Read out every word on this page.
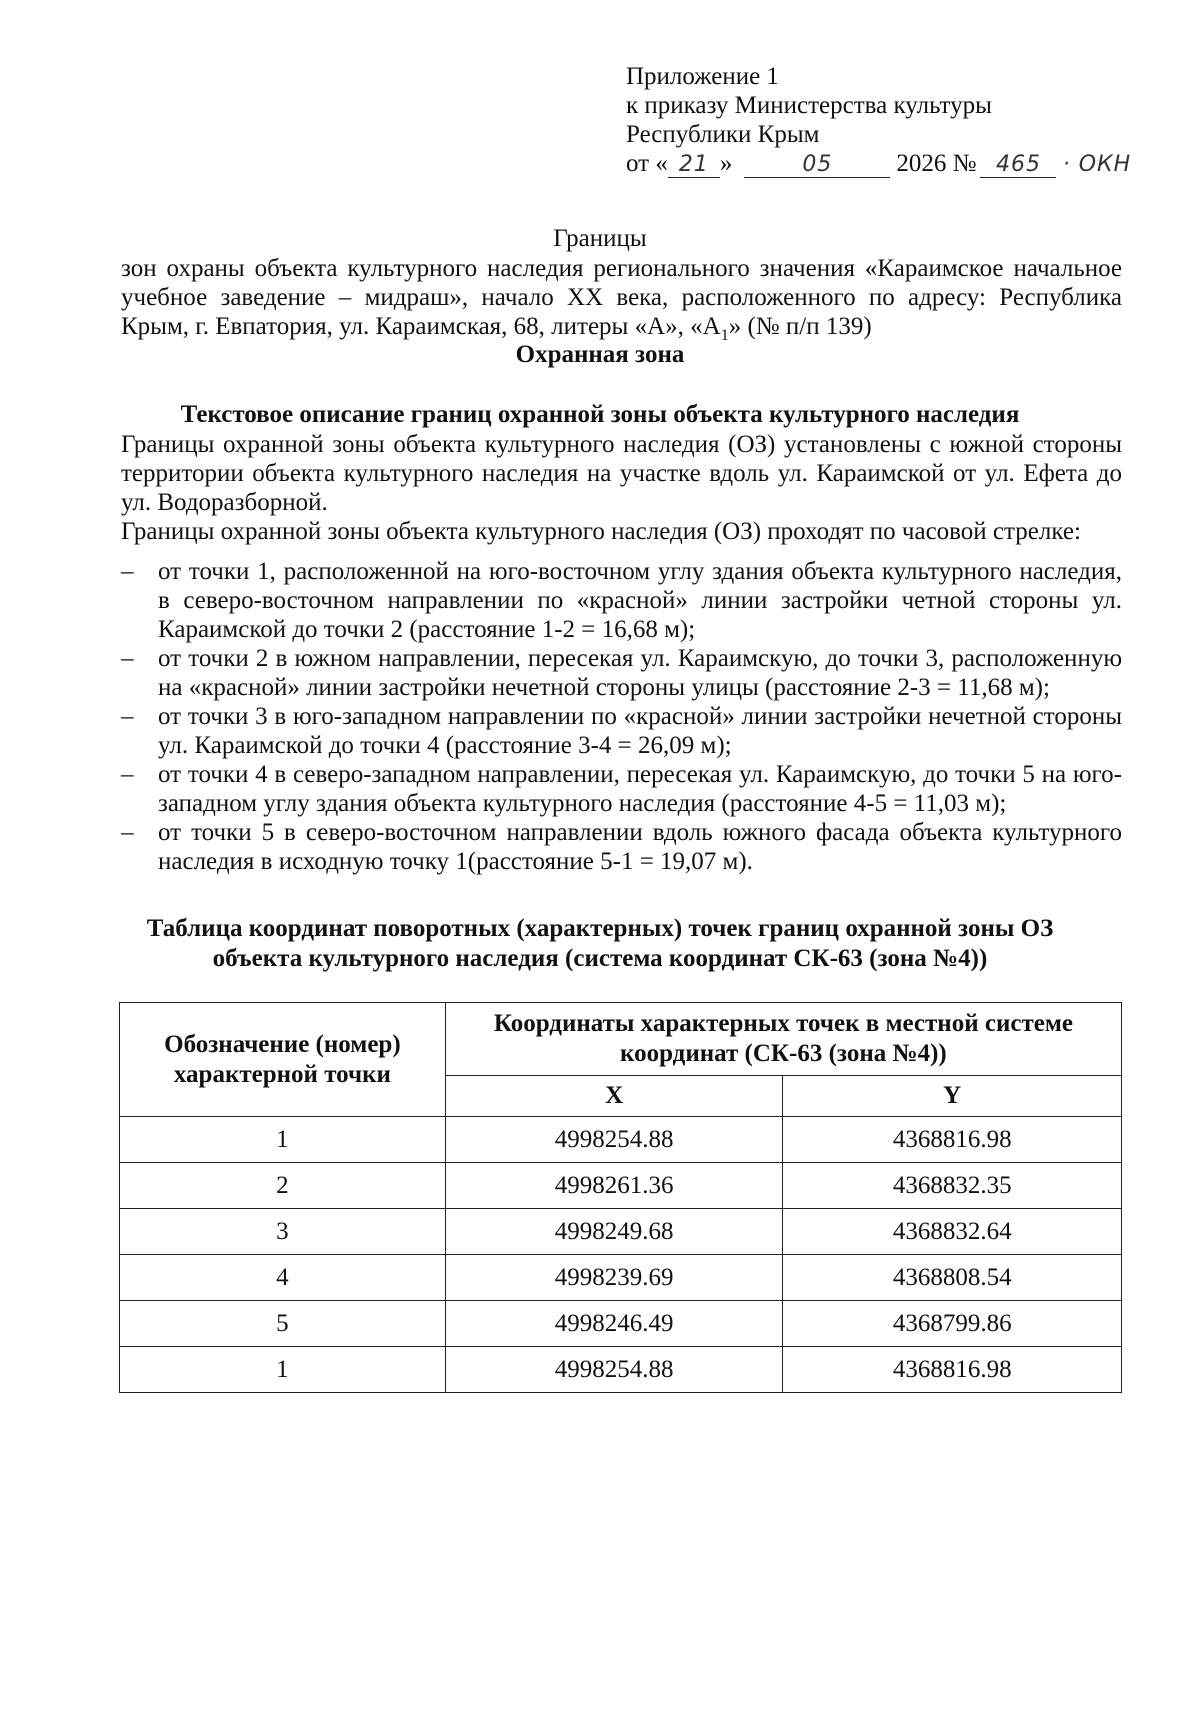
Приложение 1
к приказу Министерства культуры
Республики Крым
от « 21 »	05	2026 № 465 · ОКН
Границы
зон охраны объекта культурного наследия регионального значения «Караимское начальное учебное заведение – мидраш», начало XX века, расположенного по адресу: Республика Крым, г. Евпатория, ул. Караимская, 68, литеры «А», «$А_1$» (№ п/п 139)
Охранная зона
Текстовое описание границ охранной зоны объекта культурного наследия
Границы охранной зоны объекта культурного наследия (ОЗ) установлены с южной стороны территории объекта культурного наследия на участке вдоль ул. Караимской от ул. Ефета до ул. Водоразборной.
Границы охранной зоны объекта культурного наследия (ОЗ) проходят по часовой стрелке:
– от точки 1, расположенной на юго-восточном углу здания объекта культурного наследия, в северо-восточном направлении по «красной» линии застройки четной стороны ул. Караимской до точки 2 (расстояние 1-2 = 16,68 м);
– от точки 2 в южном направлении, пересекая ул. Караимскую, до точки 3, расположенную на «красной» линии застройки нечетной стороны улицы (расстояние 2-3 = 11,68 м);
– от точки 3 в юго-западном направлении по «красной» линии застройки нечетной стороны ул. Караимской до точки 4 (расстояние 3-4 = 26,09 м);
– от точки 4 в северо-западном направлении, пересекая ул. Караимскую, до точки 5 на юго-западном углу здания объекта культурного наследия (расстояние 4-5 = 11,03 м);
– от точки 5 в северо-восточном направлении вдоль южного фасада объекта культурного наследия в исходную точку 1(расстояние 5-1 = 19,07 м).
Таблица координат поворотных (характерных) точек границ охранной зоны ОЗ
объекта культурного наследия (система координат СК-63 (зона №4))
Обозначение (номер) характерной точки	Координаты характерных точек в местной системе координат (СК-63 (зона №4))	
	X	Y
1	4998254.88	4368816.98
2	4998261.36	4368832.35
3	4998249.68	4368832.64
4	4998239.69	4368808.54
5	4998246.49	4368799.86
1	4998254.88	4368816.98
